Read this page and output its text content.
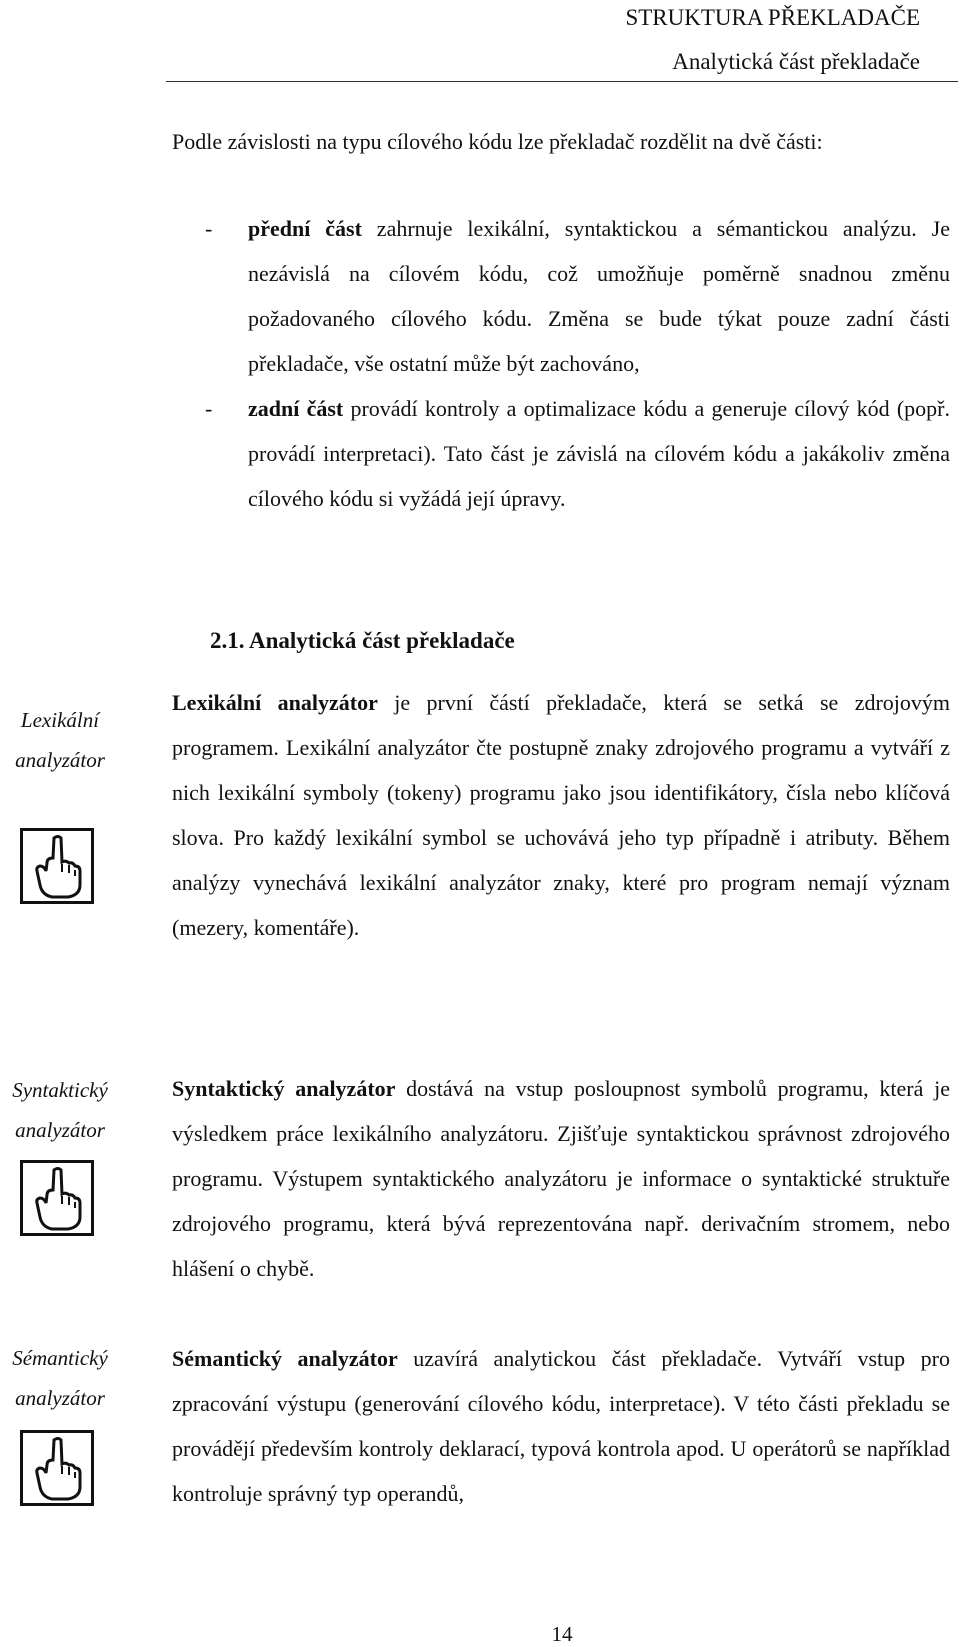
STRUKTURA PŘEKLADAČE
Analytická část překladače
Podle závislosti na typu cílového kódu lze překladač rozdělit na dvě části:
- přední část zahrnuje lexikální, syntaktickou a sémantickou analýzu. Je nezávislá na cílovém kódu, což umožňuje poměrně snadnou změnu požadovaného cílového kódu. Změna se bude týkat pouze zadní části překladače, vše ostatní může být zachováno,
- zadní část provádí kontroly a optimalizace kódu a generuje cílový kód (popř. provádí interpretaci). Tato část je závislá na cílovém kódu a jakákoliv změna cílového kódu si vyžádá její úpravy.
2.1. Analytická část překladače
Lexikální analyzátor
Lexikální analyzátor je první částí překladače, která se setká se zdrojovým programem. Lexikální analyzátor čte postupně znaky zdrojového programu a vytváří z nich lexikální symboly (tokeny) programu jako jsou identifikátory, čísla nebo klíčová slova. Pro každý lexikální symbol se uchovává jeho typ případně i atributy. Během analýzy vynechává lexikální analyzátor znaky, které pro program nemají význam (mezery, komentáře).
Syntaktický analyzátor
Syntaktický analyzátor dostává na vstup posloupnost symbolů programu, která je výsledkem práce lexikálního analyzátoru. Zjišťuje syntaktickou správnost zdrojového programu. Výstupem syntaktického analyzátoru je informace o syntaktické struktuře zdrojového programu, která bývá reprezentována např. derivačním stromem, nebo hlášení o chybě.
Sémantický analyzátor
Sémantický analyzátor uzavírá analytickou část překladače. Vytváří vstup pro zpracování výstupu (generování cílového kódu, interpretace). V této části překladu se provádějí především kontroly deklarací, typová kontrola apod. U operátorů se například kontroluje správný typ operandů,
14
